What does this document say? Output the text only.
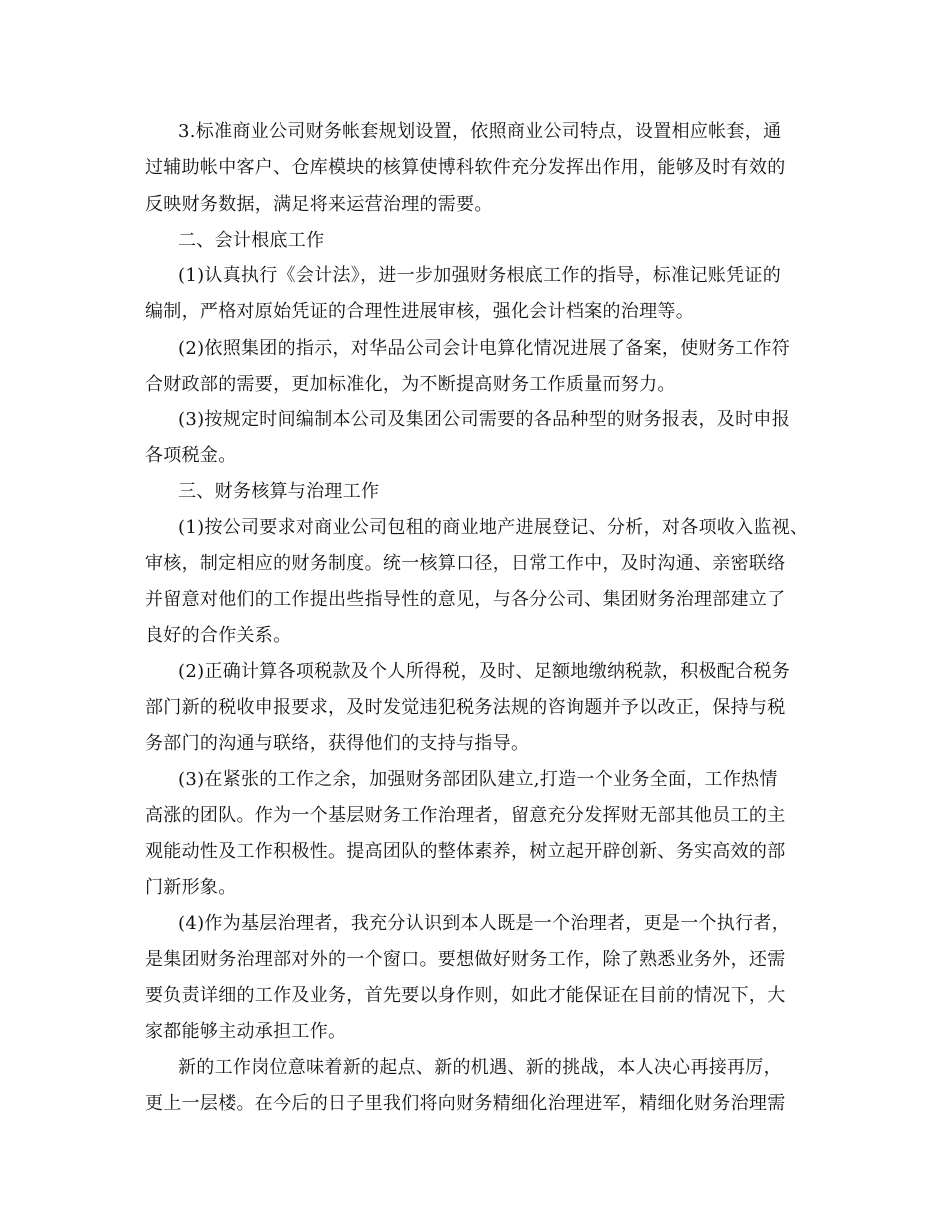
3.标准商业公司财务帐套规划设置，依照商业公司特点，设置相应帐套，通
过辅助帐中客户、仓库模块的核算使博科软件充分发挥出作用，能够及时有效的
反映财务数据，满足将来运营治理的需要。
二、会计根底工作
(1)认真执行《会计法》，进一步加强财务根底工作的指导，标准记账凭证的
编制，严格对原始凭证的合理性进展审核，强化会计档案的治理等。
(2)依照集团的指示，对华品公司会计电算化情况进展了备案，使财务工作符
合财政部的需要，更加标准化，为不断提高财务工作质量而努力。
(3)按规定时间编制本公司及集团公司需要的各品种型的财务报表，及时申报
各项税金。
三、财务核算与治理工作
(1)按公司要求对商业公司包租的商业地产进展登记、分析，对各项收入监视、
审核，制定相应的财务制度。统一核算口径，日常工作中，及时沟通、亲密联络
并留意对他们的工作提出些指导性的意见，与各分公司、集团财务治理部建立了
良好的合作关系。
(2)正确计算各项税款及个人所得税，及时、足额地缴纳税款，积极配合税务
部门新的税收申报要求，及时发觉违犯税务法规的咨询题并予以改正，保持与税
务部门的沟通与联络，获得他们的支持与指导。
(3)在紧张的工作之余，加强财务部团队建立,打造一个业务全面，工作热情
高涨的团队。作为一个基层财务工作治理者，留意充分发挥财无部其他员工的主
观能动性及工作积极性。提高团队的整体素养，树立起开辟创新、务实高效的部
门新形象。
(4)作为基层治理者，我充分认识到本人既是一个治理者，更是一个执行者，
是集团财务治理部对外的一个窗口。要想做好财务工作，除了熟悉业务外，还需
要负责详细的工作及业务，首先要以身作则，如此才能保证在目前的情况下，大
家都能够主动承担工作。
新的工作岗位意味着新的起点、新的机遇、新的挑战，本人决心再接再厉，
更上一层楼。在今后的日子里我们将向财务精细化治理进军，精细化财务治理需
